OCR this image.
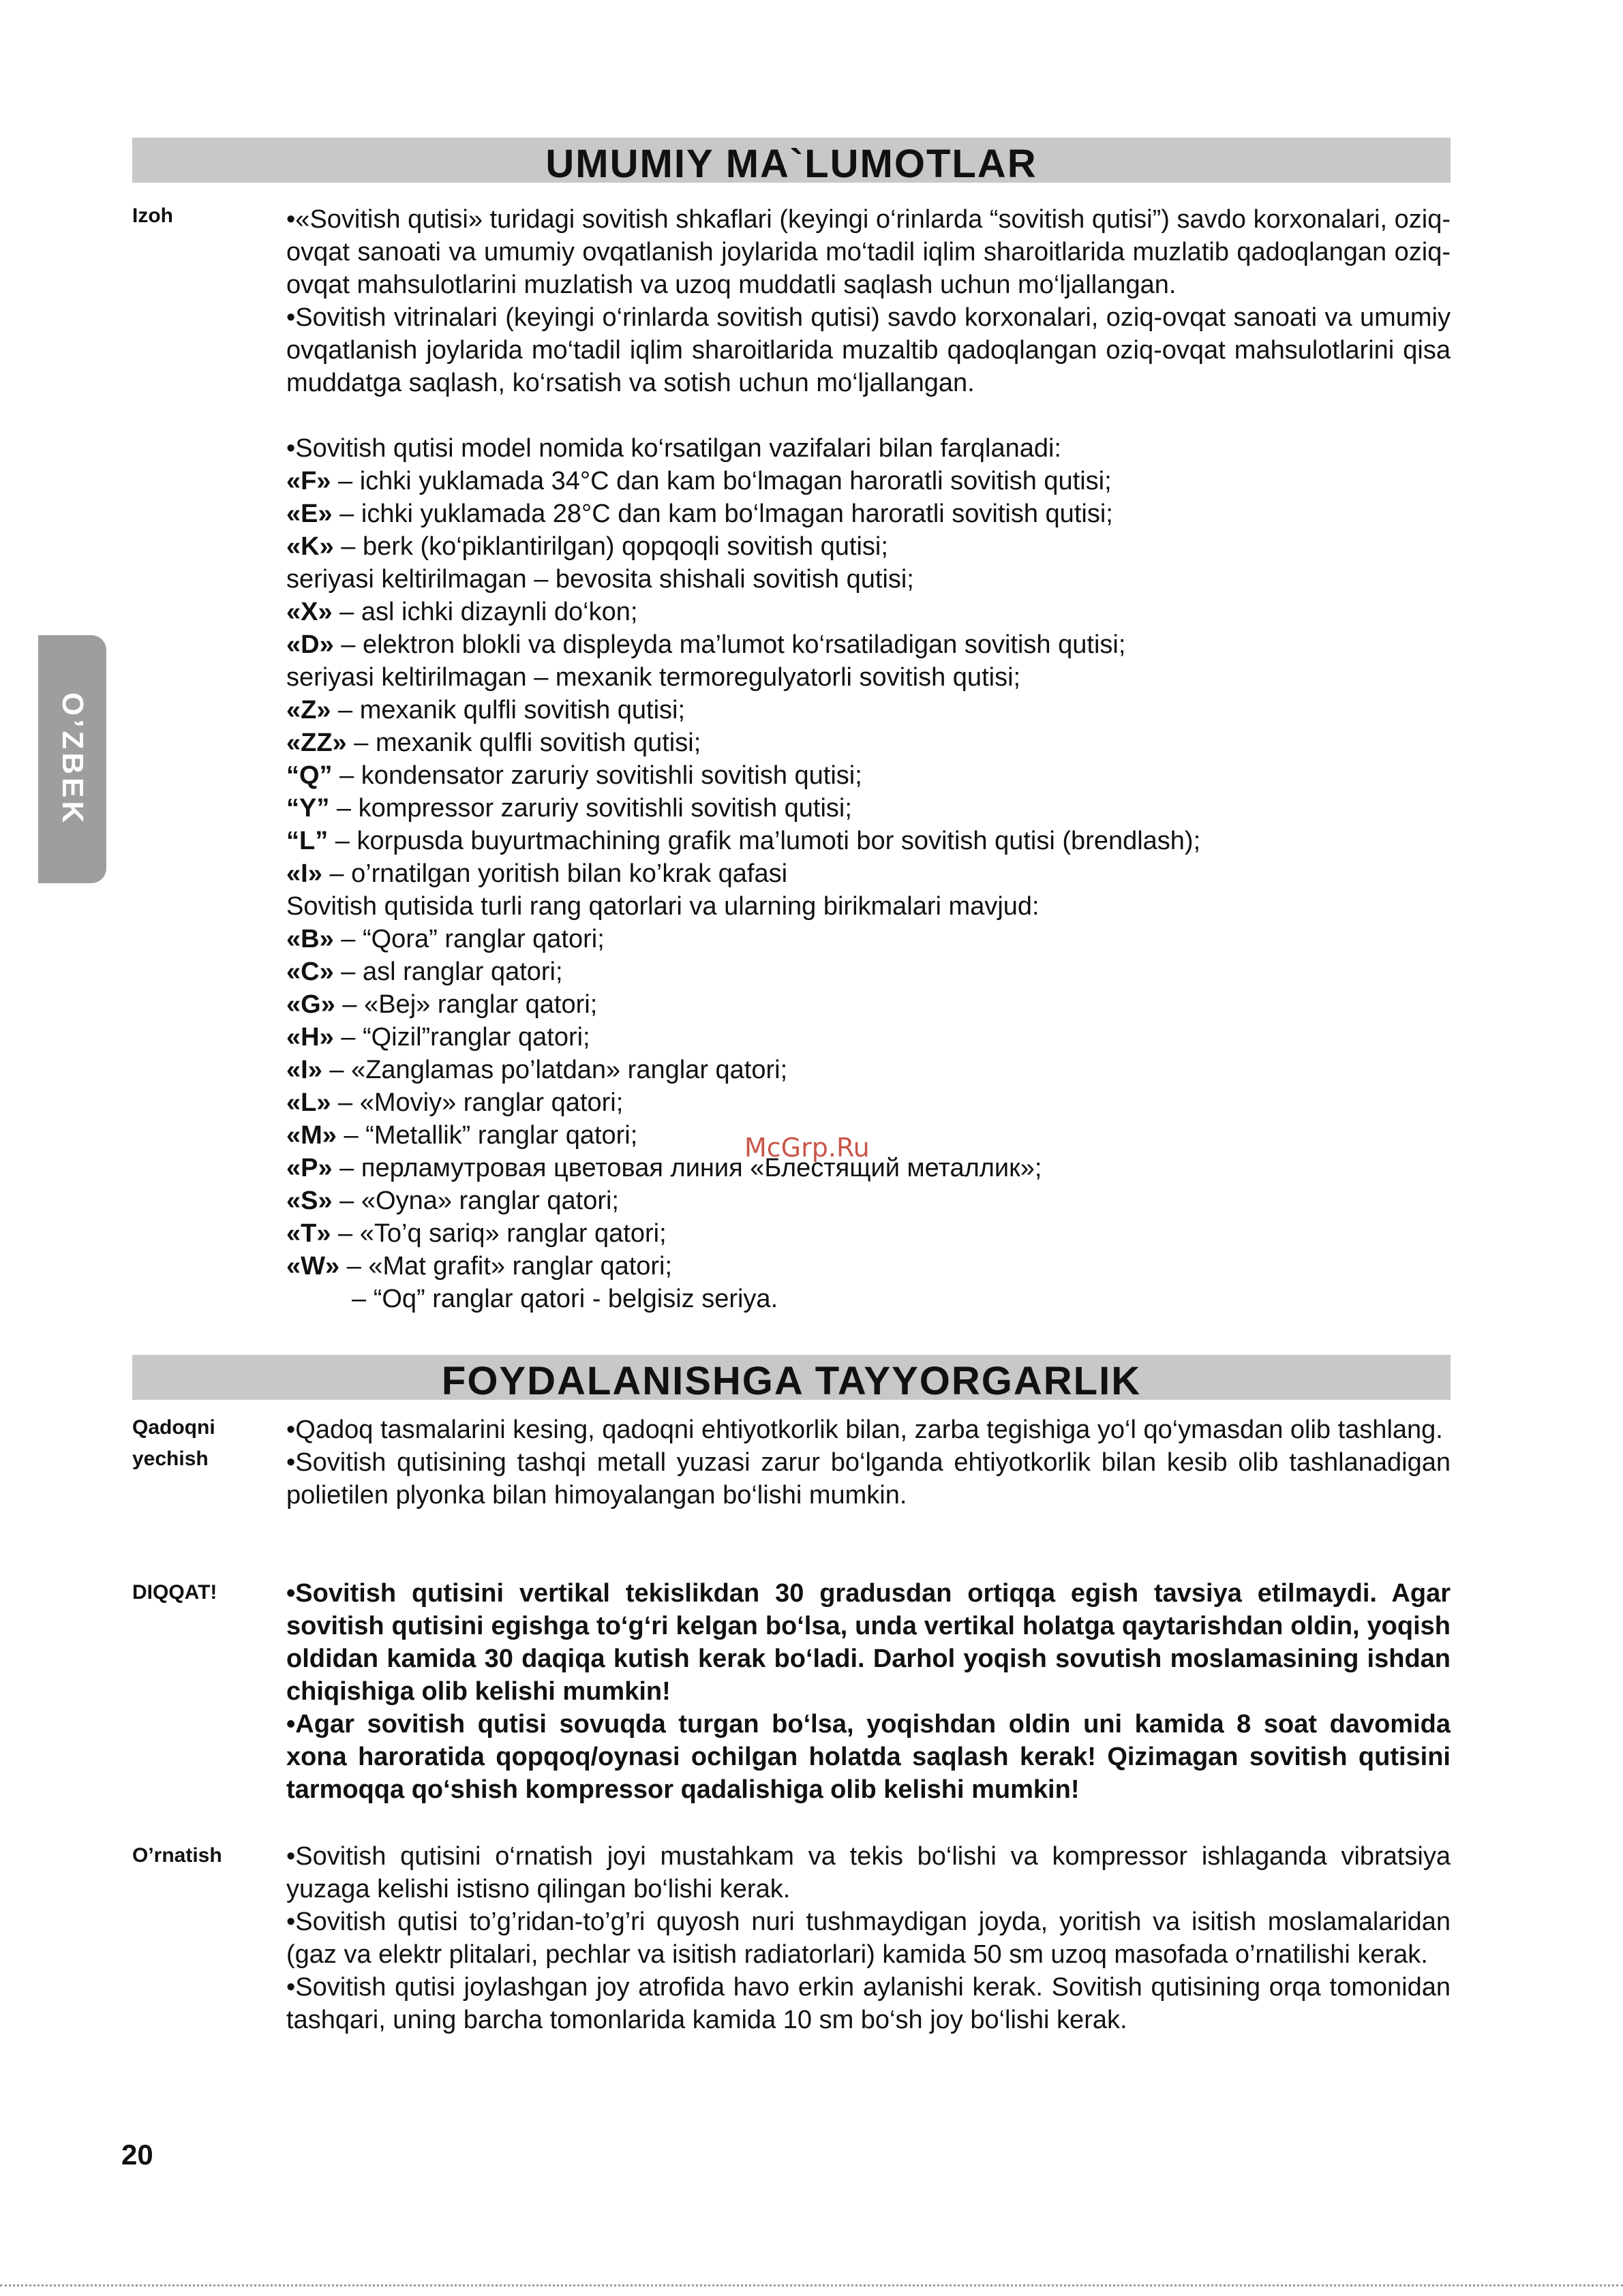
UMUMIY MA`LUMOTLAR
Izoh	•«Sovitish qutisi» turidagi sovitish shkaflari (keyingi o‘rinlarda “sovitish qutisi”) savdo korxonalari, oziq-ovqat sanoati va umumiy ovqatlanish joylarida mo‘tadil iqlim sharoitlarida muzlatib qadoqlangan oziq-ovqat mahsulotlarini muzlatish va uzoq muddatli saqlash uchun mo‘ljallangan.
•Sovitish vitrinalari (keyingi o‘rinlarda sovitish qutisi) savdo korxonalari, oziq-ovqat sanoati va umumiy ovqatlanish joylarida mo‘tadil iqlim sharoitlarida muzaltib qadoqlangan oziq-ovqat mahsulotlarini qisa muddatga saqlash, ko‘rsatish va sotish uchun mo‘ljallangan.
•Sovitish qutisi model nomida ko‘rsatilgan vazifalari bilan farqlanadi:
«F» – ichki yuklamada 34°C dan kam bo‘lmagan haroratli sovitish qutisi;
«E» – ichki yuklamada 28°C dan kam bo‘lmagan haroratli sovitish qutisi;
«K» – berk (ko‘piklantirilgan) qopqoqli sovitish qutisi;
seriyasi keltirilmagan – bevosita shishali sovitish qutisi;
«X» – asl ichki dizaynli do‘kon;
«D» – elektron blokli va displeyda ma’lumot ko‘rsatiladigan sovitish qutisi;
seriyasi keltirilmagan – mexanik termoregulyatorli sovitish qutisi;
«Z» – mexanik qulfli sovitish qutisi;
«ZZ» – mexanik qulfli sovitish qutisi;
“Q” – kondensator zaruriy sovitishli sovitish qutisi;
“Y” – kompressor zaruriy sovitishli sovitish qutisi;
“L” – korpusda buyurtmachining grafik ma’lumoti bor sovitish qutisi (brendlash);
«I» – o’rnatilgan yoritish bilan ko’krak qafasi
Sovitish qutisida turli rang qatorlari va ularning birikmalari mavjud:
«B» – “Qora” ranglar qatori;
«C» – asl ranglar qatori;
«G» – «Bej» ranglar qatori;
«H» – “Qizil”ranglar qatori;
«I» – «Zanglamas po’latdan» ranglar qatori;
«L» – «Moviy» ranglar qatori;
«M» – “Metallik” ranglar qatori;
«P» – перламутровая цветовая линия «Блестящий металлик»;
«S» – «Oyna» ranglar qatori;
«T» – «To’q sariq» ranglar qatori;
«W» – «Mat grafit» ranglar qatori;
– “Oq” ranglar qatori - belgisiz seriya.
FOYDALANISHGA TAYYORGARLIK
Qadoqni
yechish
•Qadoq tasmalarini kesing, qadoqni ehtiyotkorlik bilan, zarba tegishiga yo‘l qo‘ymasdan olib tashlang.
•Sovitish qutisining tashqi metall yuzasi zarur bo‘lganda ehtiyotkorlik bilan kesib olib tashlanadigan polietilen plyonka bilan himoyalangan bo‘lishi mumkin.
DIQQAT!	•Sovitish qutisini vertikal tekislikdan 30 gradusdan ortiqqa egish tavsiya etilmaydi. Agar sovitish qutisini egishga to‘g‘ri kelgan bo‘lsa, unda vertikal holatga qaytarishdan oldin, yoqish oldidan kamida 30 daqiqa kutish kerak bo‘ladi. Darhol yoqish sovutish moslamasining ishdan chiqishiga olib kelishi mumkin!
•Agar sovitish qutisi sovuqda turgan bo‘lsa, yoqishdan oldin uni kamida 8 soat davomida xona haroratida qopqoq/oynasi ochilgan holatda saqlash kerak! Qizimagan sovitish qutisini tarmoqqa qo‘shish kompressor qadalishiga olib kelishi mumkin!
O’rnatish •Sovitish qutisini o‘rnatish joyi mustahkam va tekis bo‘lishi va kompressor ishlaganda vibratsiya yuzaga kelishi istisno qilingan bo‘lishi kerak.
•Sovitish qutisi to’g’ridan-to’g’ri quyosh nuri tushmaydigan joyda, yoritish va isitish moslamalaridan (gaz va elektr plitalari, pechlar va isitish radiatorlari) kamida 50 sm uzoq masofada o’rnatilishi kerak.
•Sovitish qutisi joylashgan joy atrofida havo erkin aylanishi kerak. Sovitish qutisining orqa tomonidan tashqari, uning barcha tomonlarida kamida 10 sm bo‘sh joy bo‘lishi kerak.
O’ZBEK
McGrp.Ru
20
